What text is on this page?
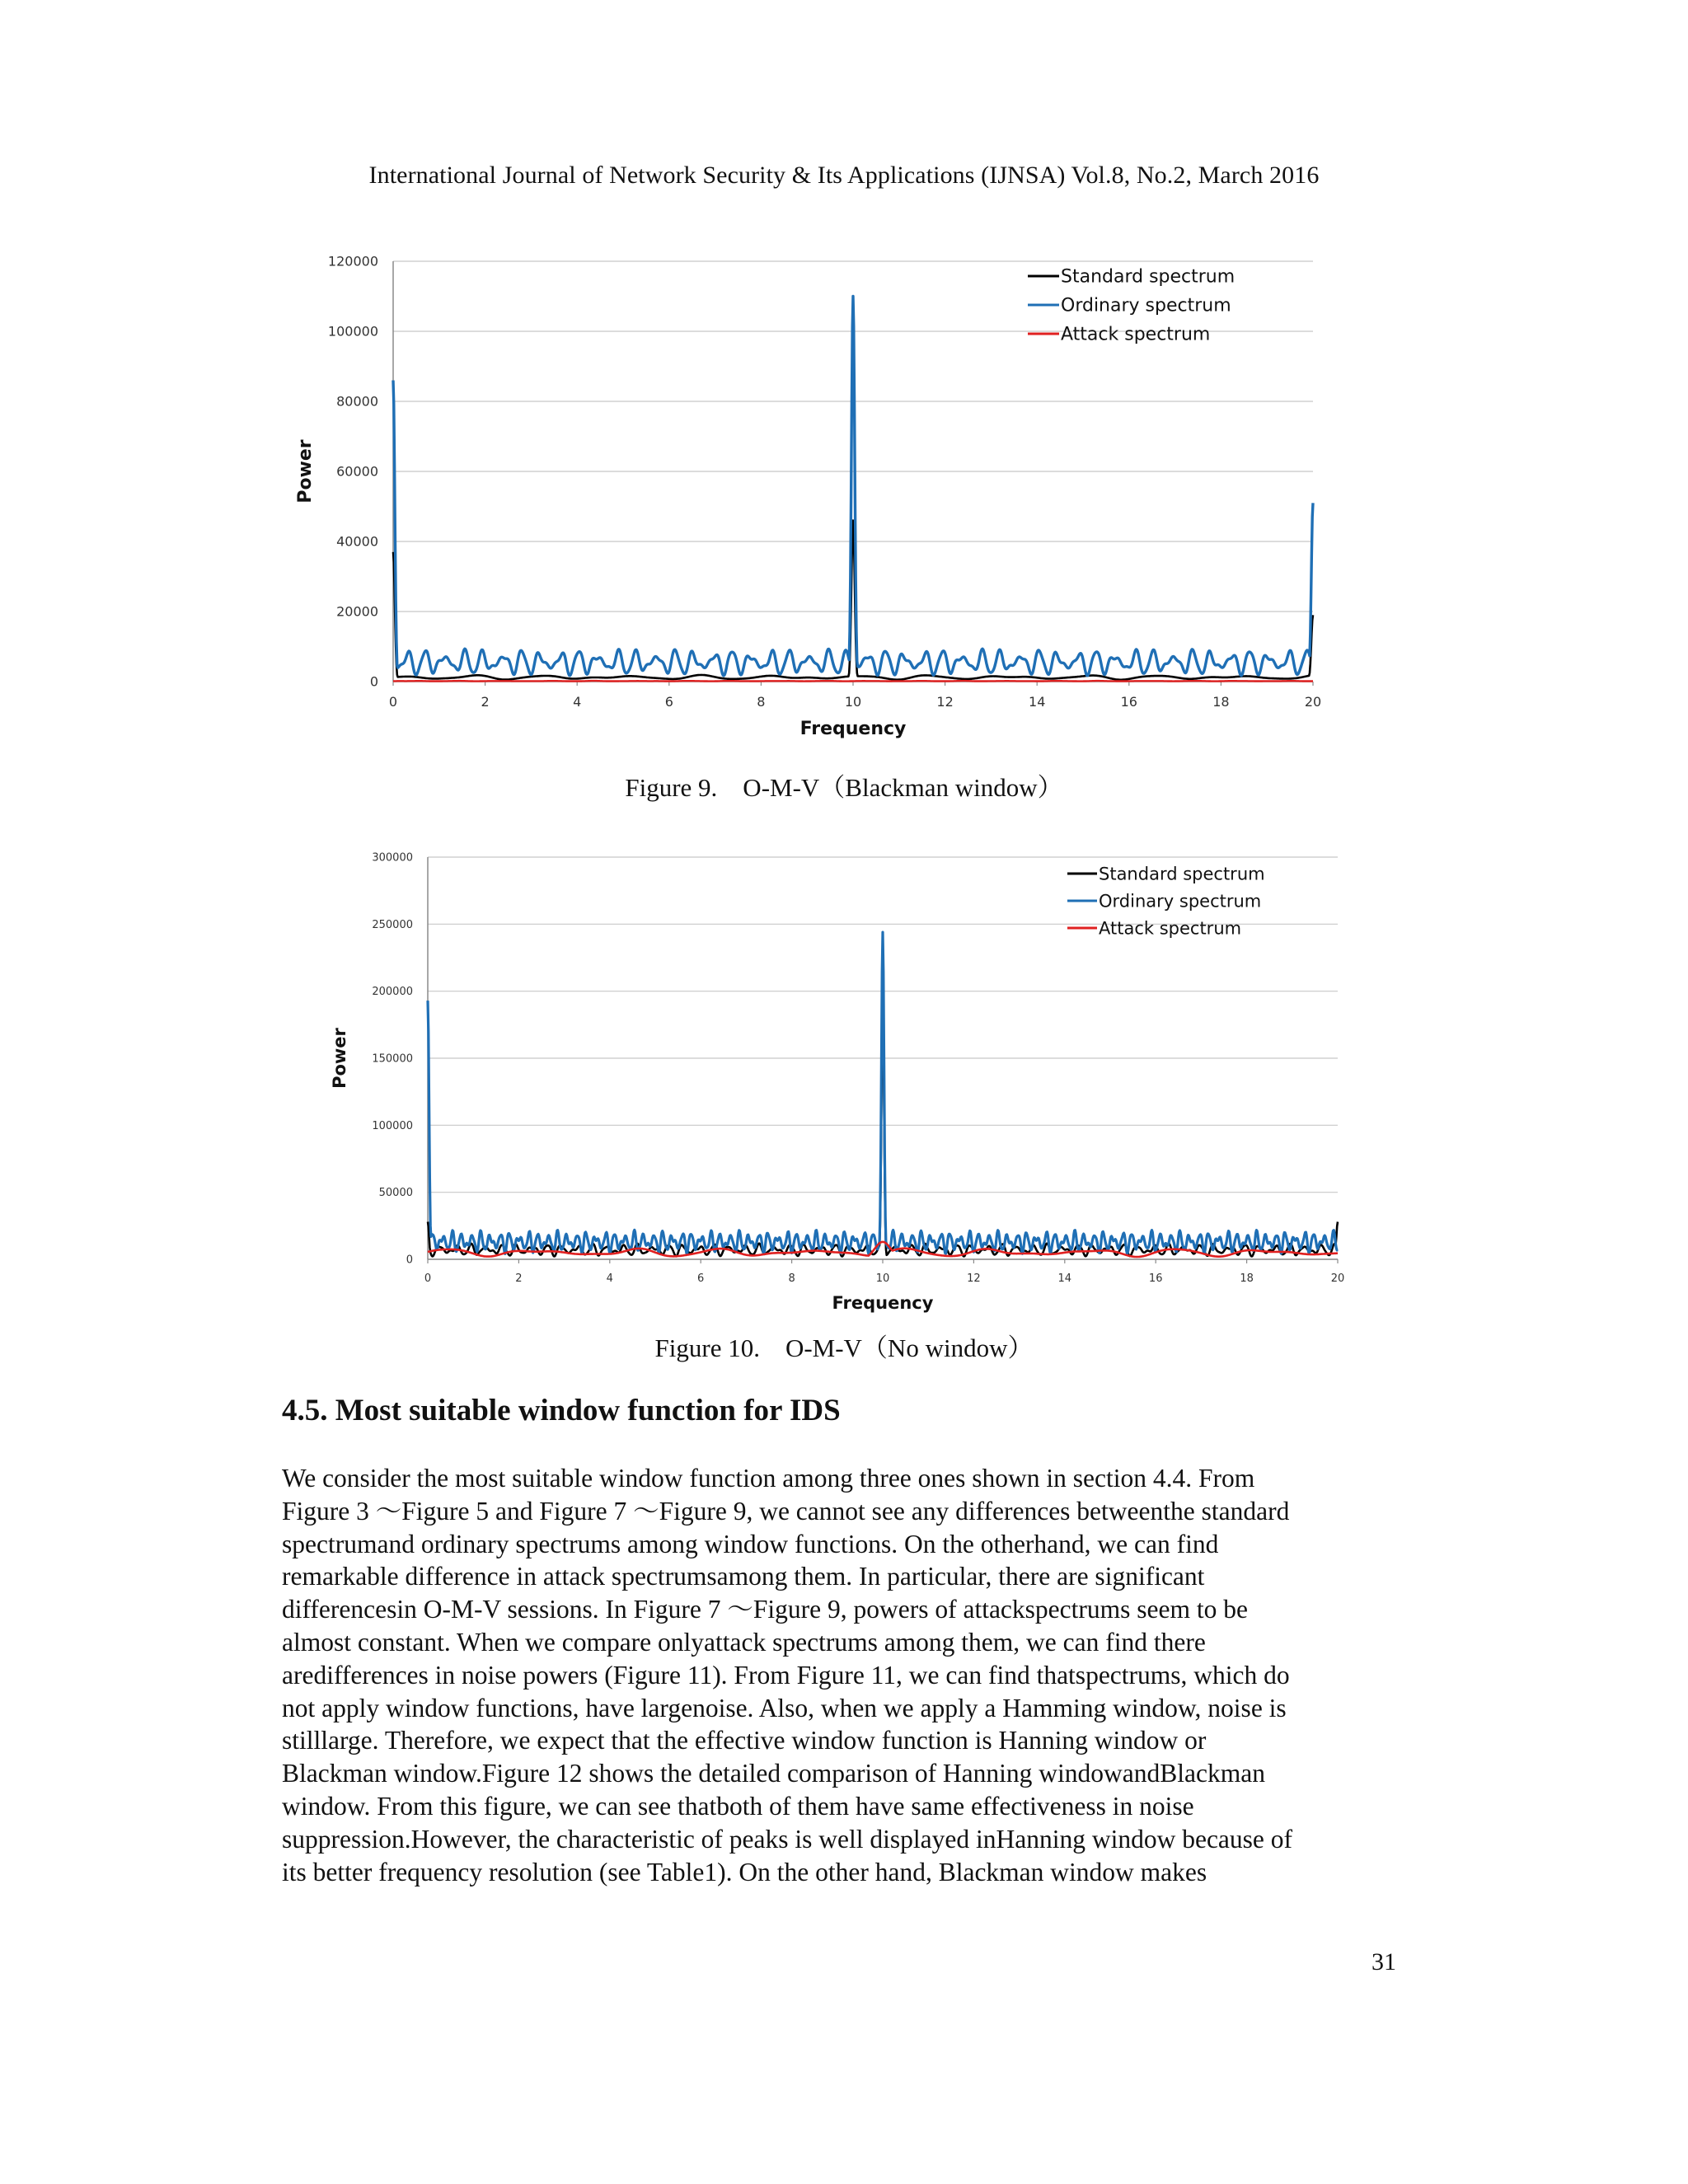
International Journal of Network Security & Its Applications (IJNSA) Vol.8, No.2, March 2016
0
20000
40000
60000
80000
100000
120000
0	2	4	6	8	10	12	14	16	18	20
Frequency
Power
Standard spectrum
Ordinary spectrum
Attack spectrum
Figure 9.　O-M-V（Blackman window）
0
50000
100000
150000
200000
250000
300000
0	2	4	6	8	10	12	14	16	18	20
Frequency
Power
Standard spectrum
Ordinary spectrum
Attack spectrum
Figure 10.　O-M-V（No window）
4.5. Most suitable window function for IDS
We consider the most suitable window function among three ones shown in section 4.4. From
Figure 3 ～Figure 5 and Figure 7 ～Figure 9, we cannot see any differences betweenthe standard
spectrumand ordinary spectrums among window functions. On the otherhand, we can find
remarkable difference in attack spectrumsamong them. In particular, there are significant
differencesin O-M-V sessions. In Figure 7 ～Figure 9, powers of attackspectrums seem to be
almost constant. When we compare onlyattack spectrums among them, we can find there
aredifferences in noise powers (Figure 11). From Figure 11, we can find thatspectrums, which do
not apply window functions, have largenoise. Also, when we apply a Hamming window, noise is
stilllarge. Therefore, we expect that the effective window function is Hanning window or
Blackman window.Figure 12 shows the detailed comparison of Hanning windowandBlackman
window. From this figure, we can see thatboth of them have same effectiveness in noise
suppression.However, the characteristic of peaks is well displayed inHanning window because of
its better frequency resolution (see Table1). On the other hand, Blackman window makes
31
